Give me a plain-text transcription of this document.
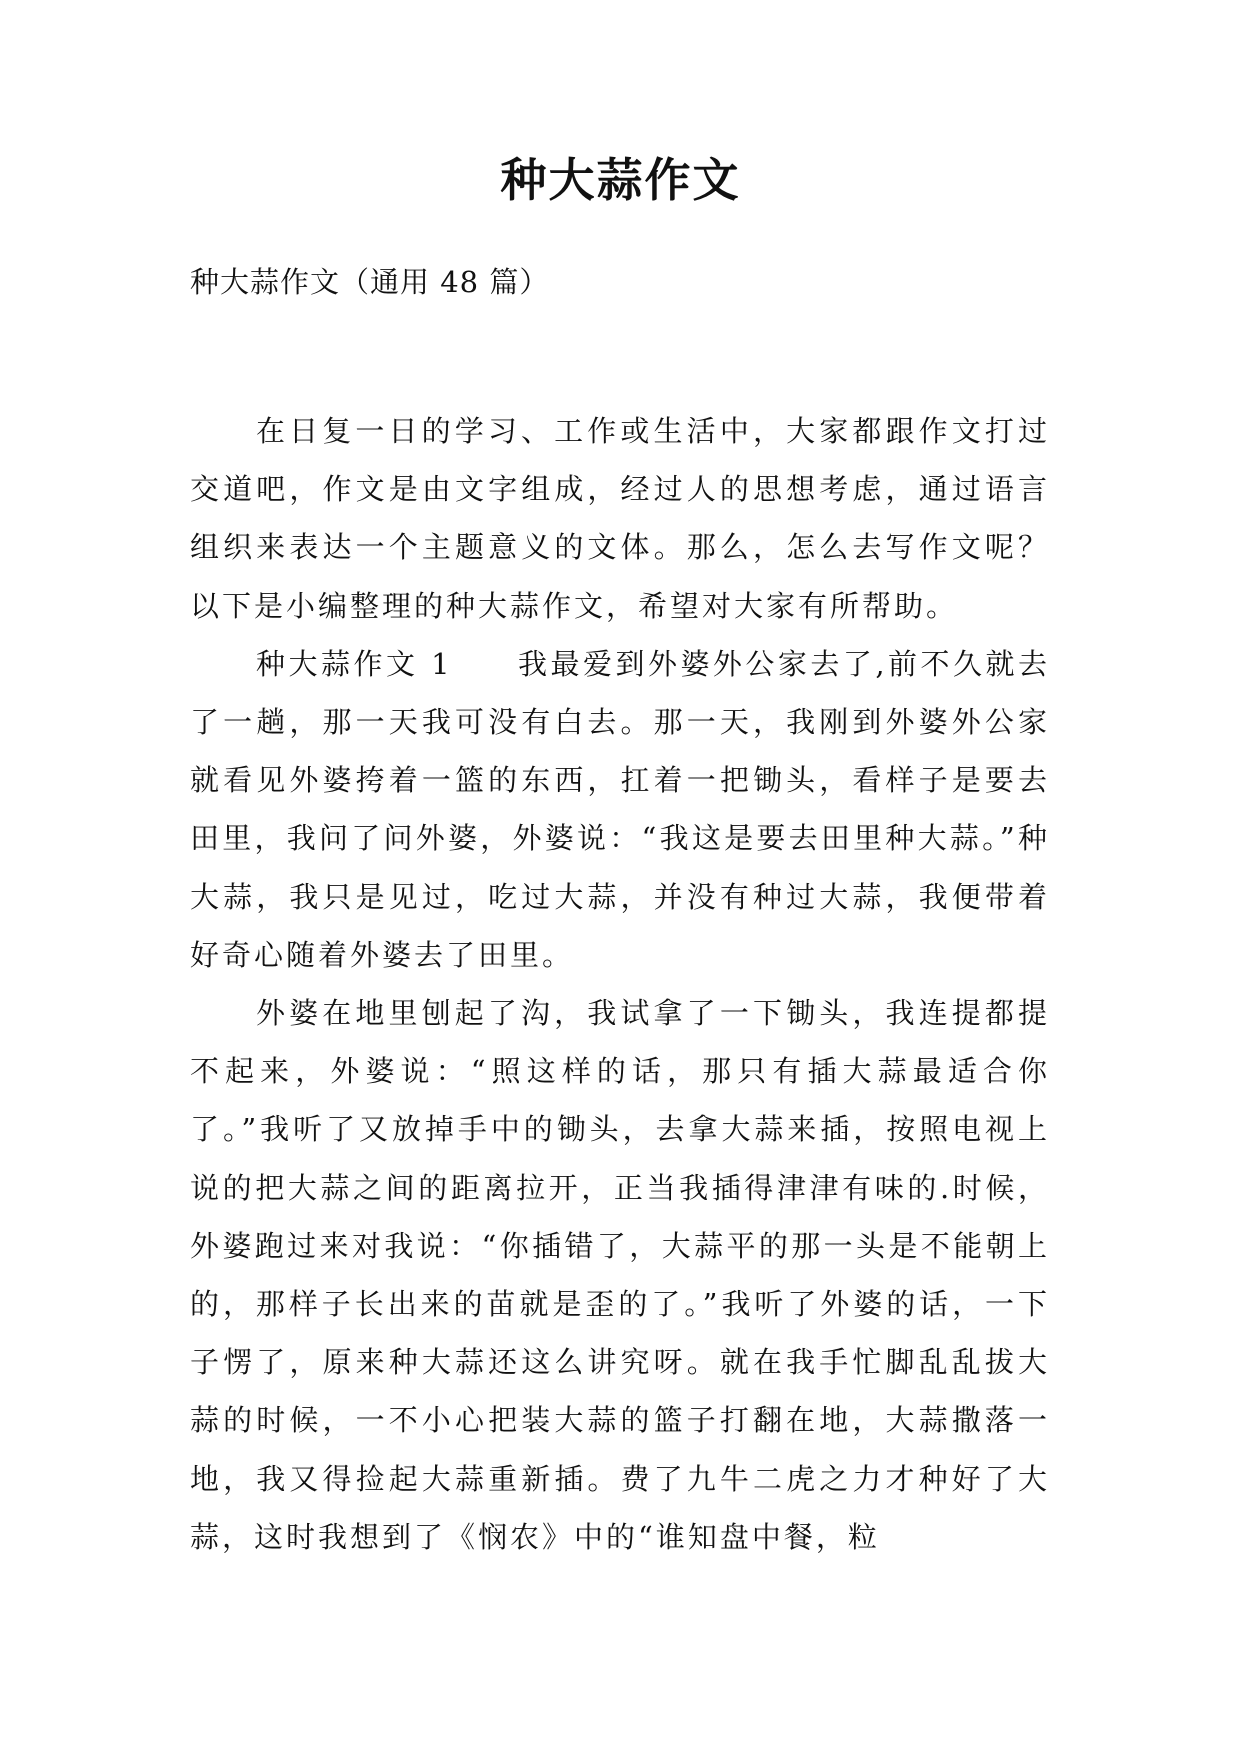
种大蒜作文

种大蒜作文（通用 48 篇）

在日复一日的学习、工作或生活中，大家都跟作文打过交道吧，作文是由文字组成，经过人的思想考虑，通过语言组织来表达一个主题意义的文体。那么，怎么去写作文呢？以下是小编整理的种大蒜作文，希望对大家有所帮助。

种大蒜作文 1　　我最爱到外婆外公家去了,前不久就去了一趟，那一天我可没有白去。那一天，我刚到外婆外公家就看见外婆挎着一篮的东西，扛着一把锄头，看样子是要去田里，我问了问外婆，外婆说：“我这是要去田里种大蒜。”种大蒜，我只是见过，吃过大蒜，并没有种过大蒜，我便带着好奇心随着外婆去了田里。

外婆在地里刨起了沟，我试拿了一下锄头，我连提都提不起来，外婆说：“照这样的话，那只有插大蒜最适合你了。”我听了又放掉手中的锄头，去拿大蒜来插，按照电视上说的把大蒜之间的距离拉开，正当我插得津津有味的.时候，外婆跑过来对我说：“你插错了，大蒜平的那一头是不能朝上的，那样子长出来的苗就是歪的了。”我听了外婆的话，一下子愣了，原来种大蒜还这么讲究呀。就在我手忙脚乱乱拔大蒜的时候，一不小心把装大蒜的篮子打翻在地，大蒜撒落一地，我又得捡起大蒜重新插。费了九牛二虎之力才种好了大蒜，这时我想到了《悯农》中的“谁知盘中餐，粒
